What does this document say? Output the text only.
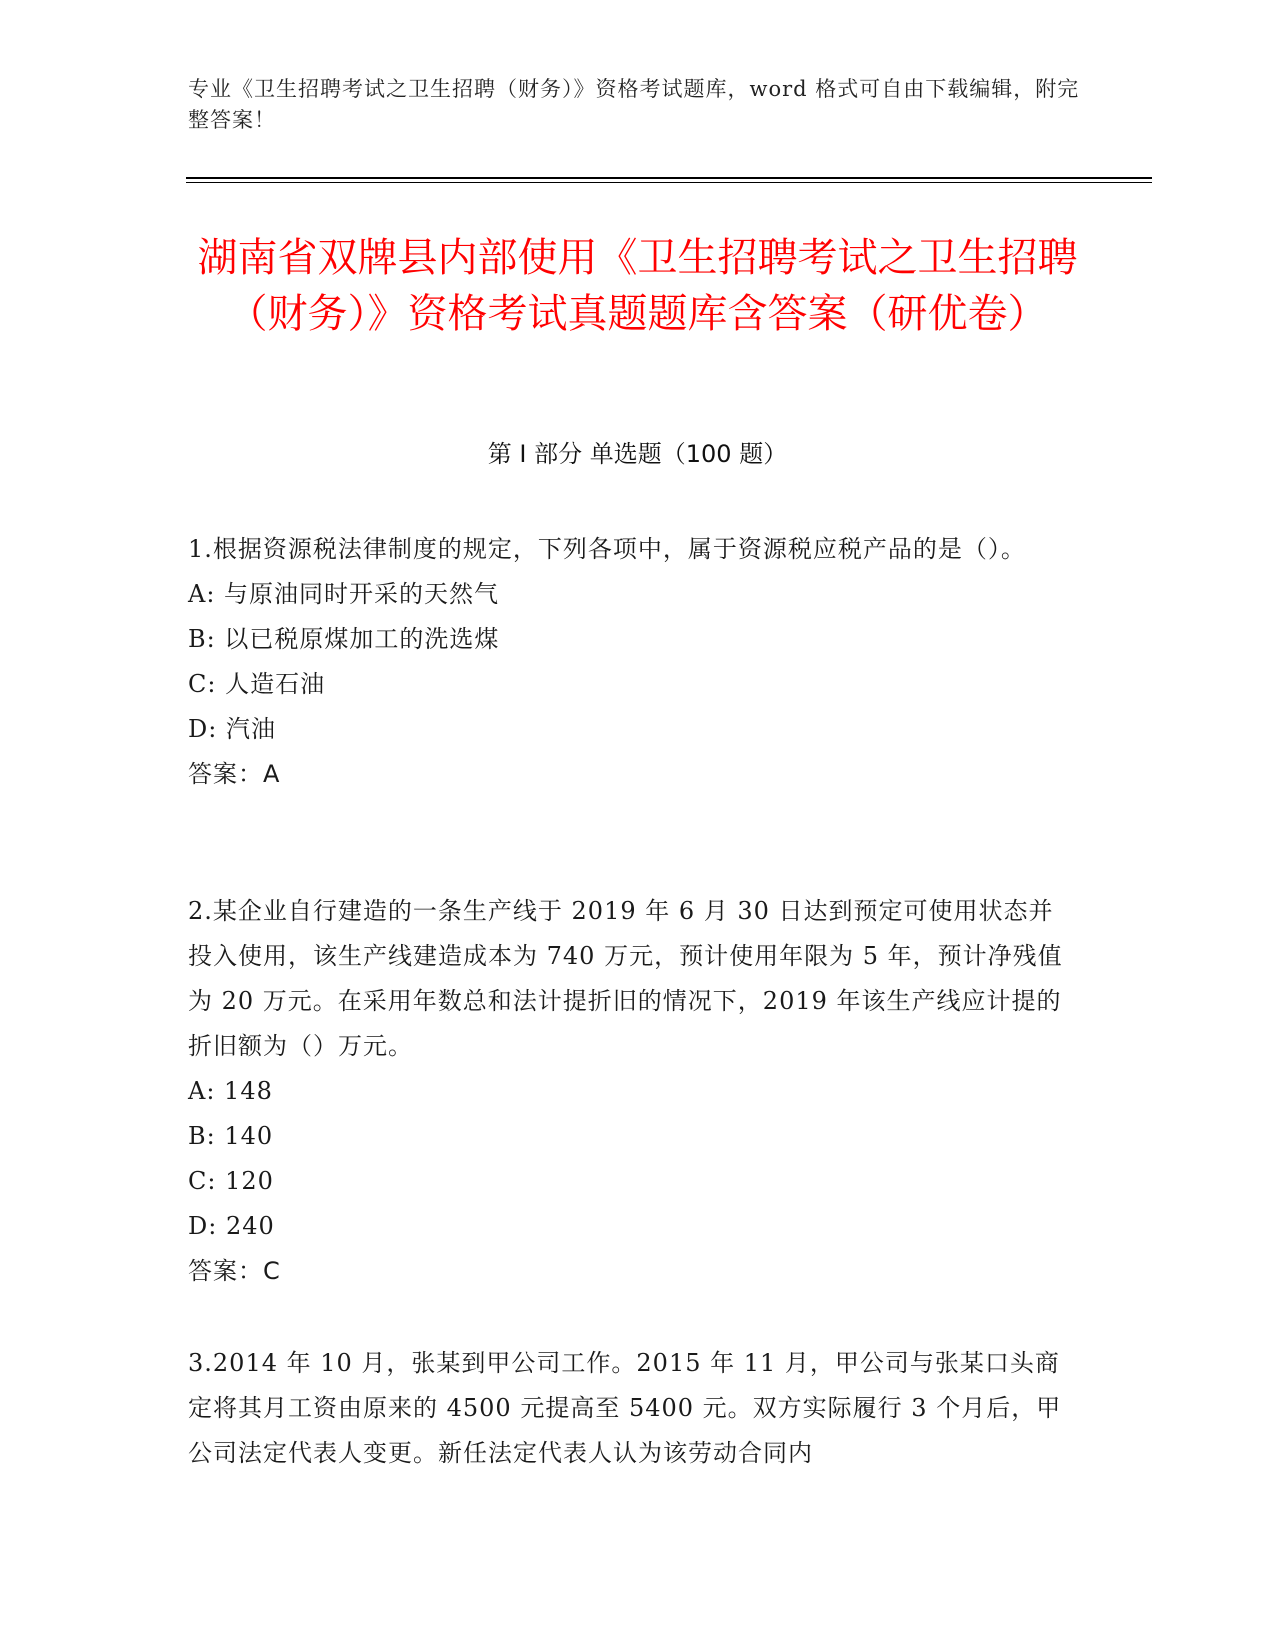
专业《卫生招聘考试之卫生招聘（财务）》资格考试题库，word 格式可自由下载编辑，附完整答案！
湖南省双牌县内部使用《卫生招聘考试之卫生招聘（财务）》资格考试真题题库含答案（研优卷）
第 I 部分 单选题（100 题）
1.根据资源税法律制度的规定，下列各项中，属于资源税应税产品的是（）。
A: 与原油同时开采的天然气
B: 以已税原煤加工的洗选煤
C: 人造石油
D: 汽油
答案：A
2.某企业自行建造的一条生产线于 2019 年 6 月 30 日达到预定可使用状态并投入使用，该生产线建造成本为 740 万元，预计使用年限为 5 年，预计净残值为 20 万元。在采用年数总和法计提折旧的情况下，2019 年该生产线应计提的折旧额为（）万元。
A: 148
B: 140
C: 120
D: 240
答案：C
3.2014 年 10 月，张某到甲公司工作。2015 年 11 月，甲公司与张某口头商定将其月工资由原来的 4500 元提高至 5400 元。双方实际履行 3 个月后，甲公司法定代表人变更。新任法定代表人认为该劳动合同内
